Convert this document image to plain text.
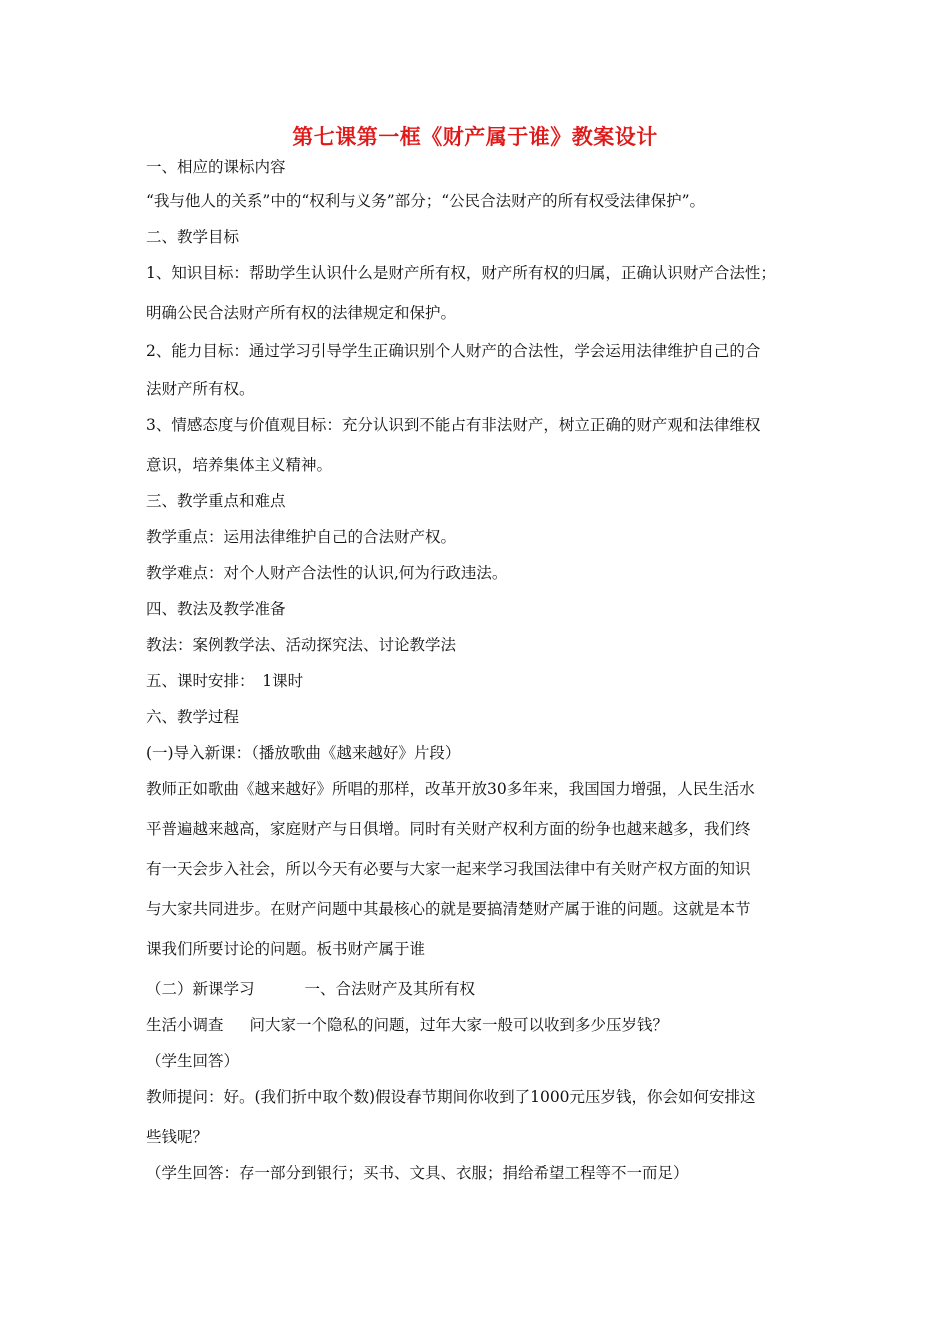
第七课第一框《财产属于谁》教案设计
一、相应的课标内容
“我与他人的关系”中的“权利与义务”部分；“公民合法财产的所有权受法律保护”。
二、教学目标
1、知识目标：帮助学生认识什么是财产所有权，财产所有权的归属，正确认识财产合法性；
明确公民合法财产所有权的法律规定和保护。
2、能力目标：通过学习引导学生正确识别个人财产的合法性，学会运用法律维护自己的合
法财产所有权。
3、情感态度与价值观目标：充分认识到不能占有非法财产，树立正确的财产观和法律维权
意识，培养集体主义精神。
三、教学重点和难点
教学重点：运用法律维护自己的合法财产权。
教学难点：对个人财产合法性的认识,何为行政违法。
四、教法及教学准备
教法：案例教学法、活动探究法、讨论教学法
五、课时安排：　1课时
六、教学过程
(一)导入新课：（播放歌曲《越来越好》片段）
教师正如歌曲《越来越好》所唱的那样，改革开放30多年来，我国国力增强，人民生活水
平普遍越来越高，家庭财产与日俱增。同时有关财产权利方面的纷争也越来越多，我们终
有一天会步入社会，所以今天有必要与大家一起来学习我国法律中有关财产权方面的知识
与大家共同进步。在财产问题中其最核心的就是要搞清楚财产属于谁的问题。这就是本节
课我们所要讨论的问题。板书财产属于谁
（二）新课学习	一、合法财产及其所有权
生活小调查 问大家一个隐私的问题，过年大家一般可以收到多少压岁钱？
（学生回答）
教师提问：好。(我们折中取个数)假设春节期间你收到了1000元压岁钱，你会如何安排这
些钱呢？
（学生回答：存一部分到银行；买书、文具、衣服；捐给希望工程等不一而足）
